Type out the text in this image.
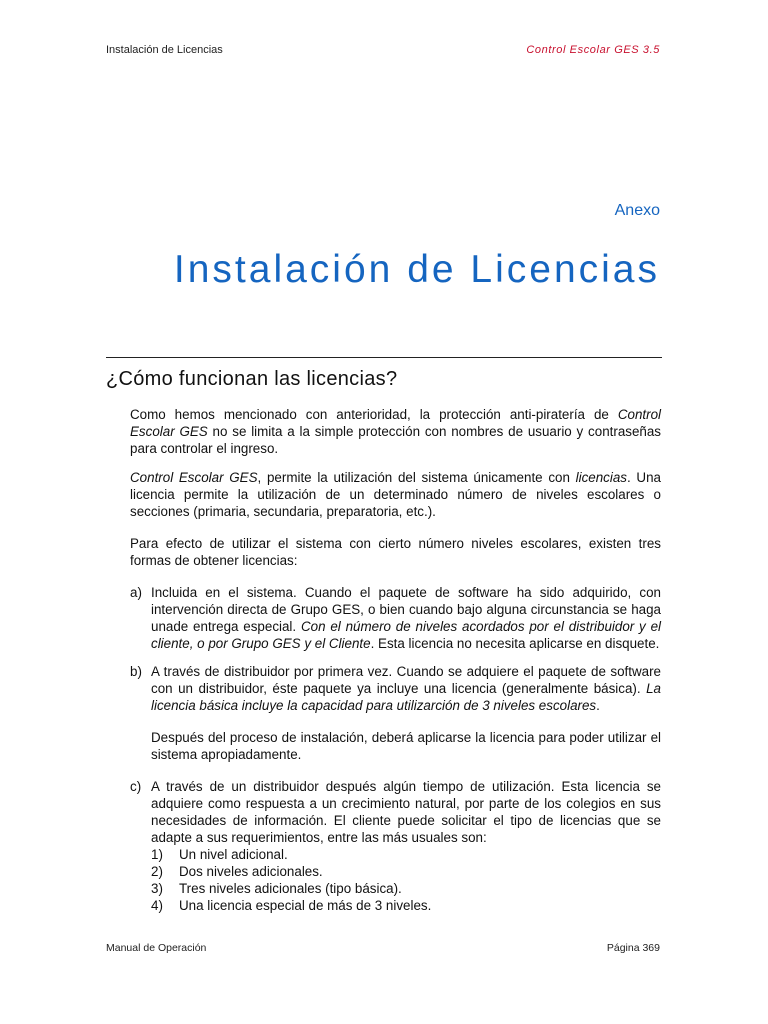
Instalación de Licencias	Control Escolar GES 3.5
Anexo
Instalación de Licencias
¿Cómo funcionan las licencias?
Como hemos mencionado con anterioridad, la protección anti-piratería de Control Escolar GES no se limita a la simple protección con nombres de usuario y contraseñas para controlar el ingreso.
Control Escolar GES, permite la utilización del sistema únicamente con licencias. Una licencia permite la utilización de un determinado número de niveles escolares o secciones (primaria, secundaria, preparatoria, etc.).
Para efecto de utilizar el sistema con cierto número niveles escolares, existen tres formas de obtener licencias:
a) Incluida en el sistema. Cuando el paquete de software ha sido adquirido, con intervención directa de Grupo GES, o bien cuando bajo alguna circunstancia se haga unade entrega especial. Con el número de niveles acordados por el distribuidor y el cliente, o por Grupo GES y el Cliente. Esta licencia no necesita aplicarse en disquete.
b) A través de distribuidor por primera vez. Cuando se adquiere el paquete de software con un distribuidor, éste paquete ya incluye una licencia (generalmente básica). La licencia básica incluye la capacidad para utilizarción de 3 niveles escolares.
Después del proceso de instalación, deberá aplicarse la licencia para poder utilizar el sistema apropiadamente.
c) A través de un distribuidor después algún tiempo de utilización. Esta licencia se adquiere como respuesta a un crecimiento natural, por parte de los colegios en sus necesidades de información. El cliente puede solicitar el tipo de licencias que se adapte a sus requerimientos, entre las más usuales son:
1) Un nivel adicional.
2) Dos niveles adicionales.
3) Tres niveles adicionales (tipo básica).
4) Una licencia especial de más de 3 niveles.
Manual de Operación	Página 369
